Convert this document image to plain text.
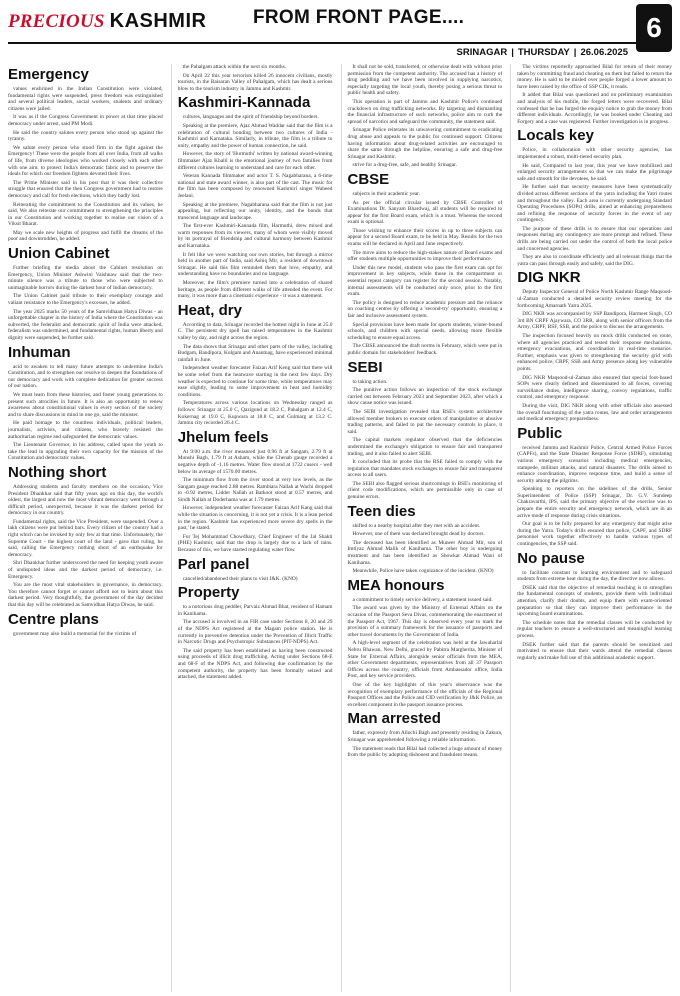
PRECIOUS KASHMIR FROM FRONT PAGE....	6
SRINAGAR | THURSDAY | 26.06.2025
Emergency

values enshrined in the Indian Constitution were violated, fundamental rights were suspended, press freedom was extinguished and several political leaders, social workers, students and ordinary citizens were jailed.

It was as if the Congress Government in power at that time placed democracy under arrest, said PM Modi.

He said the country salutes every person who stood up against the tyranny.

We salute every person who stood firm in the fight against the Emergency! These were the people from all over India, from all walks of life, from diverse ideologies who worked closely with each other with one aim: to protect India's democratic fabric and to preserve the ideals for which our freedom fighters devoted their lives.

The Prime Minister said in his post that it was their collective struggle that ensured that the then Congress government had to restore democracy and call for fresh elections, which they badly lost.

Reiterating the commitment to the Constitution and its values, he said, We also reiterate our commitment to strengthening the principles in our Constitution and working together to realise our vision of a Viksit Bharat.

May we scale new heights of progress and fulfil the dreams of the poor and downtrodden, he added.

Union Cabinet

Further briefing the media about the Cabinet resolution on Emergency, Union Minister Ashwini Vaishnaw said that the two-minute silence was a tribute to those who were subjected to unimaginable horrors during the darkest hour of Indian democracy.

The Union Cabinet paid tribute to their exemplary courage and valiant resistance to the Emergency's excesses, he added.

The year 2025 marks 50 years of the Samvidhaan Hatya Diwas - an unforgettable chapter in the history of India where the Constitution was subverted, the federalist and democratic spirit of India were attacked, federalism was undermined, and fundamental rights, human liberty and dignity were suspended, he further said.

Inhuman

acid to awaken to tell many future attempts to undermine India's Constitution, and to strengthen our resolve to deepen the foundations of our democracy and work with complete dedication for greater success of our nation.

We must learn from these histories, and foster young generations to present such atrocities in future. It is also an opportunity to renew awareness about constitutional values in every section of the society and to share discussions in mind in one go, said the minister.

He paid homage to the countless individuals, political leaders, journalists, activists, and citizens, who bravely resisted the authoritarian regime and safeguarded the democratic values.

The Lieutenant Governor, in his address, called upon the youth to take the lead in upgrading their own capacity for the mission of the Constitution and democratic values.

Nothing short

Addressing students and faculty members on the occasion, Vice President Dhankhar said that fifty years ago on this day, the world's oldest, the largest and now the most vibrant democracy went through a difficult period, unexpected, because it was the darkest period for democracy in our country.

Fundamental rights, said the Vice President, were suspended. Over a lakh citizens were put behind bars. Every citizen of the country had a right which can be invoked by only few at that time. Unfortunately, the Supreme Court - the highest court of the land - gave that ruling, he said, calling the Emergency nothing short of an earthquake for democracy.

Shri Dhankhar further underscored the need for keeping youth aware of undisputed ideas and the darkest period of democracy, i.e. Emergency.

You are the most vital stakeholders in governance, in democracy. You therefore cannot forget or cannot afford not to learn about this darkest period. Very thoughtfully, the government of the day decided that this day will be celebrated as Samvidhan Hatya Diwas, he said.

Centre plans

government may also build a memorial for the victims of

the Pahalgam attack within the next six months.

On April 22 this year terrorists killed 26 innocent civilians, mostly tourists, in the Baisaran Valley of Pahalgam, which has dealt a serious blow to the tourism industry in Jammu and Kashmir.

Kashmiri-Kannada

cultures, languages and the spirit of friendship beyond borders.

Speaking at the premiere, Ajaz Ahmad Waddar said that the film is a celebration of cultural bonding between two cultures of India - Kashmiri and Karnataka. Similarly, in tribute, the film is a tribute to unity, empathy and the power of human connection, he said.

However, the story of 'Hurmuthi' written by national award-winning filmmaker Ajaz Khalil is the emotional journey of two families from different cultures learning to understand and care for each other.

Veteran Kannada filmmaker and actor T. S. Nagabharana, a 6-time national and state award winner, is also part of the cast. The music for the film has been composed by renowned Kashmiri singer Waheed Jeelani.

Speaking at the premiere, Nagabharana said that the film is not just appealing, but reflecting our unity, identity, and the bonds that transcend language and landscape.

The first-ever Kashmiri-Kannada film, Harmuthi, drew mixed and warm responses from its viewers, many of whom were visibly moved by its portrayal of friendship and cultural harmony between Kashmir and Karnataka.

It felt like we were watching our own stories, but through a mirror held in another part of India, said Ashiq Mir, a resident of downtown Srinagar. He said this film reminded them that love, empathy, and understanding have no boundaries and no language.

Moreover, the film's premiere turned into a celebration of shared heritage, as people from different walks of life attended the event. For many, it was more than a cinematic experience - it was a statement.

Heat, dry

According to data, Srinagar recorded the hottest night in June at 25.0 C. The persistent dry spell has raised temperatures in the Kashmir valley by day, and night across the region.

The data shows that Srinagar and other parts of the valley, including Budgam, Bandipora, Kulgam and Anantnag, have experienced minimal rainfall in June.

Independent weather forecaster Faizan Arif Keng said that there will be some relief from the heatwave starting in the next few days. Dry weather is expected to continue for some time, while temperatures may ease slightly, leading to some improvement in heat and humidity conditions.

Temperatures across various locations on Wednesday ranged as follows: Srinagar at 25.0 C, Qazigund at 18.2 C, Pahalgam at 12.4 C, Kokernag at 19.0 C, Kupwara at 18.8 C, and Gulmarg at 13.2 C. Jammu city recorded 26.4 C.

Jhelum feels

At 9:00 a.m. the river measured just 0.96 ft at Sangam, 2.79 ft at Munshi Bagh, 1.79 ft at Asham, while the Chenab gauge recorded a negative depth of -1.16 metres. Water flow stood at 1722 cusecs - well below its average of 1570.00 metres.

The minimum flow from the river stood at very low levels, as the Sangam gauge reached 2.88 metres. Rambiara Nallah at Wachi dropped to -0.92 metres, Lidder Nallah at Batkoot stood at 0.57 metres, and Sindh Nallah at Doderhama was at 1.79 metres.

However, independent weather forecaster Faizan Arif Kang said that while the situation is concerning, it is not yet a crisis. It is a lean period in the region. 'Kashmir has experienced more severe dry spells in the past,' he stated.

For Tej Mohammad Chowdhary, Chief Engineer of the Jal Shakti (PHE) Kashmir, said that the drop is largely due to a lack of rains. Because of this, we have started regulating water flow.

Parl panel

cancelled/abandoned their plans to visit J&K. (KNO)

Property

to a notorious drug peddler, Parvaiz Ahmad Bhat, resident of Hamam in Kanihama.

The accused is involved in an FIR case under Sections 8, 20 and 29 of the NDPS Act registered at the Magam police station. He is currently in preventive detention under the Prevention of Illicit Traffic in Narcotic Drugs and Psychotropic Substances (PIT-NDPS) Act.

The said property has been established as having been constructed using proceeds of illicit drug trafficking. Acting under Sections 68-E and 68-F of the NDPS Act, and following due confirmation by the competent authority, the property has been formally seized and attached, the statement added.

It shall not be sold, transferred, or otherwise dealt with without prior permission from the competent authority. The accused has a history of drug peddling and we have been involved in supplying narcotics, especially targeting the local youth, thereby posing a serious threat to public health and safety.

This operation is part of Jammu and Kashmir Police's continued crackdown on drug trafficking networks. By targeting and dismantling the financial infrastructure of such networks, police aim to curb the spread of narcotics and safeguard the community, the statement said.

Srinagar Police reiterates its unwavering commitment to eradicating drug abuse and appeals to the public for continued support. Citizens having information about drug-related activities are encouraged to share the same through the helpline, ensuring a safe and drug-free Srinagar and Kashmir.

strive for a drug-free, safe, and healthy Srinagar.

CBSE

subjects in their academic year.

As per the official circular issued by CBSE Controller of Examinations Dr. Sanyam Bhardwaj, all students will be required to appear for the first Board exam, which is a must. Whereas the second exam is optional.

Those wishing to enhance their scores in up to three subjects can appear for a second Board exam, to be held in May. Results for the two exams will be declared in April and June respectively.

The move aims to reduce the high-stakes nature of Board exams and offer students multiple opportunities to improve their performance.

Under this new model, students who pass the first exam can opt for improvement in key subjects, while those in the compartment or essential repeat category can register for the second session. Notably, internal assessments will be conducted only once, prior to the first exam.

The policy is designed to reduce academic pressure and the reliance on coaching centres by offering a 'second-try' opportunity, ensuring a fair and inclusive assessment system.

Special provisions have been made for sports students, winter-bound schools, and children with special needs, allowing more flexible scheduling to ensure equal access.

The CBSE announced the draft norms in February, which were put in public domain for stakeholders' feedback.

SEBI

to taking action.

The punitive action follows an inspection of the stock exchange carried out between February 2023 and September 2023, after which a show cause notice was issued.

The SEBI investigation revealed that BSE's system architecture allowed member brokers to execute orders of manipulative or abusive trading patterns, and failed to put the necessary controls in place, it said.

The capital markets regulator observed that the deficiencies undermined the exchange's obligation to ensure fair and transparent trading, and it also failed to alert SEBI.

It concluded that its probe that the BSE failed to comply with the regulation that mandates stock exchanges to ensure fair and transparent access to all users.

The SEBI also flagged serious shortcomings in BSE's monitoring of client code modifications, which are permissible only in case of genuine errors.

Teen dies

shifted to a nearby hospital after they met with an accident.

However, one of them was declared brought dead by doctors.

The deceased has been identified as Muneer Ahmad Mir, son of Imtiyaz Ahmad Malik of Kanihama. The other boy is undergoing treatment and has been identified as Showkat Ahmad Wani of Kanihama.

Meanwhile, Police have taken cognizance of the incident. (KNO)

MEA honours

a commitment to timely service delivery, a statement issued said.

The award was given by the Ministry of External Affairs on the occasion of the Passport Seva Divas, commemorating the enactment of the Passport Act, 1967. This day is observed every year to mark the provision of a summary framework for the issuance of passports and other travel documents by the Government of India.

A high-level segment of the celebration was held at the Jawaharlal Nehru Bhawan, New Delhi, graced by Pabitra Margherita, Minister of State for External Affairs, alongside senior officials from the MEA, other Government departments, representatives from all 37 Passport Offices across the country, officials from Ambassador office, India Post, and key service providers.

One of the key highlights of this year's observance was the recognition of exemplary performance of the officials of the Regional Passport Offices and the Police and CID verification by J&K Police, an excellent component in the passport issuance process.

Man arrested

father, expressly from Allochi Bagh and presently residing in Zakura, Srinagar was apprehended following a reliable information.

The statement reads that Bilal had collected a huge amount of money from the public by adopting dishonest and fraudulent means.

The victims reportedly approached Bilal for return of their money taken by committing fraud and cheating on them but failed to return the money. He is said to be misled over people forged a lower amount to have been raised by the office of SSP CIK, it reads.

It added that Bilal was questioned and on preliminary examination and analysis of his mobile, the forged letters were recovered. Bilal confessed that he has forged the enquiry notice to grab the money from different individuals. Accordingly, he was booked under Cheating and Forgery and a case was registered. Further investigation is in progress.

Locals key

Police, in collaboration with other security agencies, has implemented a robust, multi-tiered security plan.

He said, Compared to last year, this year we have mobilized and enlarged security arrangements so that we can make the pilgrimage safe and smooth for the devotees, he said.

He further said that security measures have been systematically divided across different sections of the yatra including the Yatri routes and throughout the valley. Each area is currently undergoing Standard Operating Procedures (SOPs) drills, aimed at enhancing preparedness and refining the response of security forces in the event of any contingency.

The purpose of these drills is to ensure that our operations and responses during any contingency are more prompt and refined. These drills are being carried out under the control of both the local police and concerned agencies.

They are also to coordinate efficiently and all relevant things that the yatra can pass through easily and safely, said the DIG.

DIG NKR

Deputy Inspector General of Police North Kashmir Range Maqsood-ul-Zaman conducted a detailed security review meeting for the forthcoming Amarnath Yatra 2025.

DIG NKR was accompanied by SSP Bandipora, Harmeet Singh, CO 3rd BN CRPF Ajaywara, CO 3RR, along with senior officers from the Army, CRPF, BSF, SSB, and the police to discuss the arrangements.

The inspection focused heavily on mock drills conducted en route, where all agencies practiced and tested their response mechanisms, emergency evacuations, and coordination in real-time scenarios. Further, emphasis was given to strengthening the security grid with enhanced police, CRPF, SSB and Army presence along key vulnerable points.

DIG NKR Maqsood-ul-Zaman also ensured that special foot-based SOPs were clearly defined and disseminated to all forces, covering surveillance duties, intelligence sharing, convoy regulations, traffic control, and emergency response.

During the visit, DIG NKR along with other officials also assessed the overall functioning of the yatra routes, law and order arrangements and medical emergency preparedness.

Public

received Jammu and Kashmir Police, Central Armed Police Forces (CAPFs), and the State Disaster Response Force (SDRF), simulating various emergency scenarios including medical emergencies, stampede, militant attacks, and natural disasters. The drills aimed to enhance coordination, improve response time, and build a sense of security among the pilgrims.

Speaking to reporters on the sidelines of the drills, Senior Superintendent of Police (SSP) Srinagar, Dr. G.V. Sundeep Chakravarthi, IPS, said the primary objective of the exercise was to prepare the entire security and emergency network, which are in an active mode of response during crisis situations.

Our goal is to be fully prepared for any emergency that might arise during the Yatra. Today's drills ensured that police, CAPF, and SDRF personnel work together effectively to handle various types of contingencies, the SSP said.

No pause

to facilitate constant to learning environment and to safeguard students from extreme heat during the day, the directive now allows.

DSEK said that the objective of remedial teaching is to strengthen the fundamental concepts of students, provide them with individual attention, clarify their doubts, and equip them with exam-oriented preparation so that they can improve their performance in the upcoming board examinations.

The schedule notes that the remedial classes will be conducted by regular teachers to ensure a well-structured and meaningful learning process.

DSEK further said that the parents should be sensitized and motivated to ensure that their wards attend the remedial classes regularly and make full use of this additional academic support.
